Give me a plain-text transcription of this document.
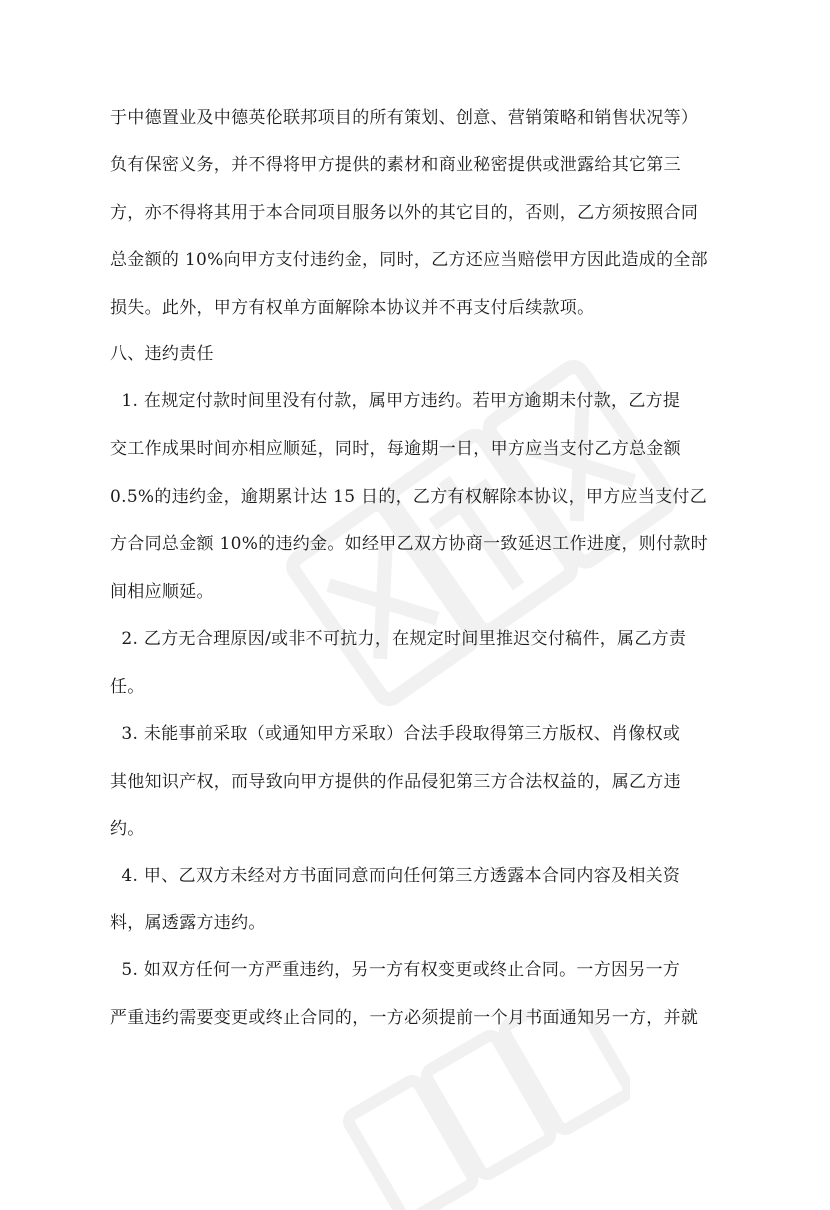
于中德置业及中德英伦联邦项目的所有策划、创意、营销策略和销售状况等）
负有保密义务，并不得将甲方提供的素材和商业秘密提供或泄露给其它第三
方，亦不得将其用于本合同项目服务以外的其它目的，否则，乙方须按照合同
总金额的 10%向甲方支付违约金，同时，乙方还应当赔偿甲方因此造成的全部
损失。此外，甲方有权单方面解除本协议并不再支付后续款项。
八、违约责任
1. 在规定付款时间里没有付款，属甲方违约。若甲方逾期未付款，乙方提
交工作成果时间亦相应顺延，同时，每逾期一日，甲方应当支付乙方总金额
0.5%的违约金，逾期累计达 15 日的，乙方有权解除本协议，甲方应当支付乙
方合同总金额 10%的违约金。如经甲乙双方协商一致延迟工作进度，则付款时
间相应顺延。
2. 乙方无合理原因/或非不可抗力，在规定时间里推迟交付稿件，属乙方责
任。
3. 未能事前采取（或通知甲方采取）合法手段取得第三方版权、肖像权或
其他知识产权，而导致向甲方提供的作品侵犯第三方合法权益的，属乙方违
约。
4. 甲、乙双方未经对方书面同意而向任何第三方透露本合同内容及相关资
料，属透露方违约。
5. 如双方任何一方严重违约，另一方有权变更或终止合同。一方因另一方
严重违约需要变更或终止合同的，一方必须提前一个月书面通知另一方，并就
